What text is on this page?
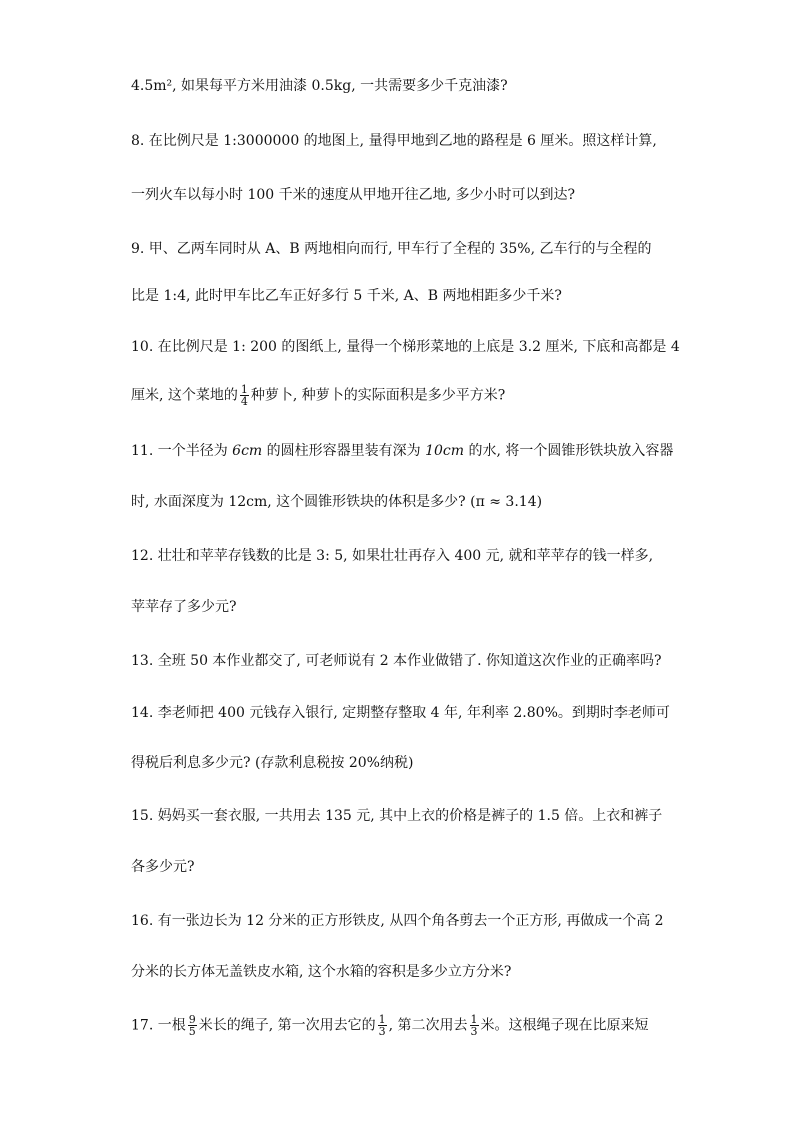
4.5m², 如果每平方米用油漆 0.5kg, 一共需要多少千克油漆?
8. 在比例尺是 1:3000000 的地图上, 量得甲地到乙地的路程是 6 厘米。照这样计算,
一列火车以每小时 100 千米的速度从甲地开往乙地, 多少小时可以到达?
9. 甲、乙两车同时从 A、B 两地相向而行, 甲车行了全程的 35%, 乙车行的与全程的
比是 1:4, 此时甲车比乙车正好多行 5 千米, A、B 两地相距多少千米?
10. 在比例尺是 1: 200 的图纸上, 量得一个梯形菜地的上底是 3.2 厘米, 下底和高都是 4
厘米, 这个菜地的 $\frac{1}{4}$ 种萝卜, 种萝卜的实际面积是多少平方米?
11. 一个半径为 6cm 的圆柱形容器里装有深为 10cm 的水, 将一个圆锥形铁块放入容器
时, 水面深度为 12cm, 这个圆锥形铁块的体积是多少? (π ≈ 3.14)
12. 壮壮和苹苹存钱数的比是 3: 5, 如果壮壮再存入 400 元, 就和苹苹存的钱一样多,
苹苹存了多少元?
13. 全班 50 本作业都交了, 可老师说有 2 本作业做错了. 你知道这次作业的正确率吗?
14. 李老师把 400 元钱存入银行, 定期整存整取 4 年, 年利率 2.80%。到期时李老师可
得税后利息多少元? (存款利息税按 20%纳税)
15. 妈妈买一套衣服, 一共用去 135 元, 其中上衣的价格是裤子的 1.5 倍。上衣和裤子
各多少元?
16. 有一张边长为 12 分米的正方形铁皮, 从四个角各剪去一个正方形, 再做成一个高 2
分米的长方体无盖铁皮水箱, 这个水箱的容积是多少立方分米?
17. 一根 $\frac{9}{5}$ 米长的绳子, 第一次用去它的 $\frac{1}{3}$ , 第二次用去 $\frac{1}{3}$ 米。这根绳子现在比原来短
